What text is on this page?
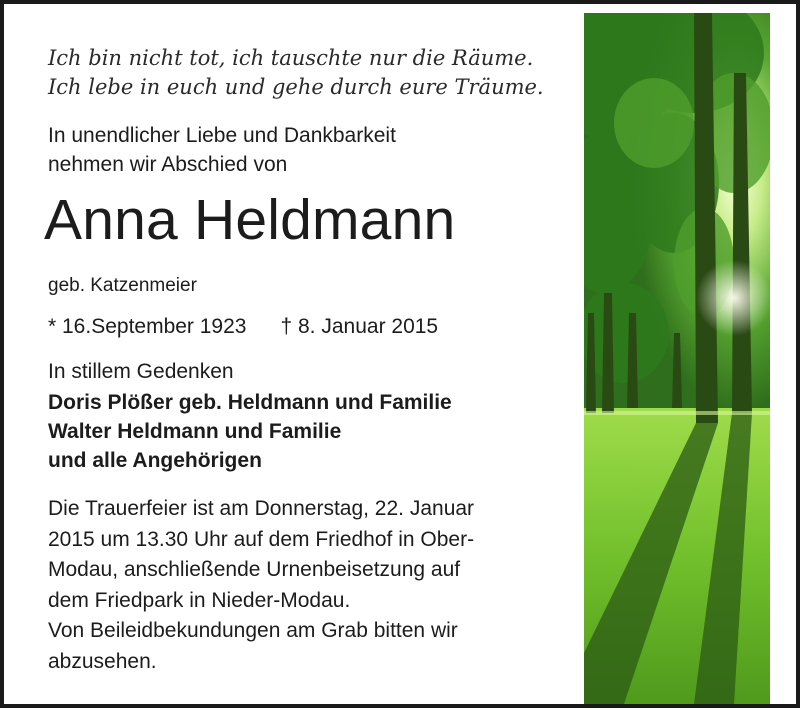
Ich bin nicht tot, ich tauschte nur die Räume.
Ich lebe in euch und gehe durch eure Träume.
In unendlicher Liebe und Dankbarkeit
nehmen wir Abschied von
Anna Heldmann
geb. Katzenmeier
* 16.September 1923 † 8. Januar 2015
In stillem Gedenken
Doris Plößer geb. Heldmann und Familie
Walter Heldmann und Familie
und alle Angehörigen
Die Trauerfeier ist am Donnerstag, 22. Januar
2015 um 13.30 Uhr auf dem Friedhof in Ober-
Modau, anschließende Urnenbeisetzung auf
dem Friedpark in Nieder-Modau.
Von Beileidbekundungen am Grab bitten wir
abzusehen.
